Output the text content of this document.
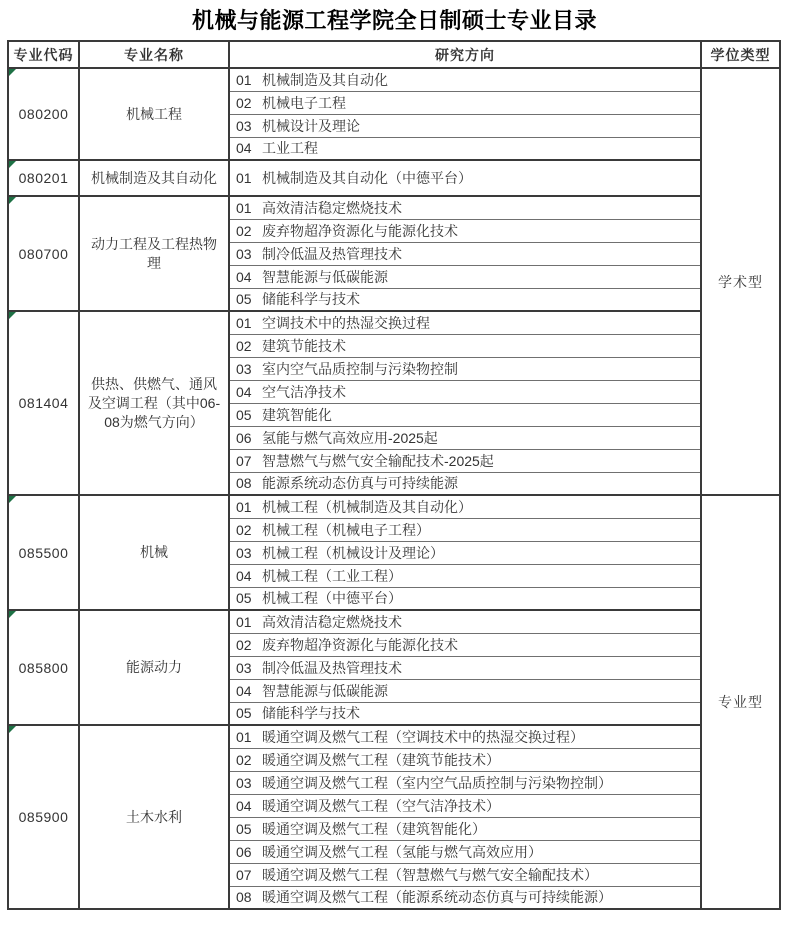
机械与能源工程学院全日制硕士专业目录
专业代码	专业名称	研究方向	学位类型

080200	机械工程	01 机械制造及其自动化	学术型
		02 机械电子工程	
		03 机械设计及理论	
		04 工业工程	

080201	机械制造及其自动化	01 机械制造及其自动化（中德平台）	

080700	动力工程及工程热物理	01 高效清洁稳定燃烧技术	
		02 废弃物超净资源化与能源化技术	
		03 制冷低温及热管理技术	
		04 智慧能源与低碳能源	
		05 储能科学与技术	

081404	供热、供燃气、通风及空调工程（其中06-08为燃气方向）	01 空调技术中的热湿交换过程	
		02 建筑节能技术	
		03 室内空气品质控制与污染物控制	
		04 空气洁净技术	
		05 建筑智能化	
		06 氢能与燃气高效应用-2025起	
		07 智慧燃气与燃气安全输配技术-2025起	
		08 能源系统动态仿真与可持续能源	

085500	机械	01 机械工程（机械制造及其自动化）	专业型
		02 机械工程（机械电子工程）	
		03 机械工程（机械设计及理论）	
		04 机械工程（工业工程）	
		05 机械工程（中德平台）	

085800	能源动力	01 高效清洁稳定燃烧技术	
		02 废弃物超净资源化与能源化技术	
		03 制冷低温及热管理技术	
		04 智慧能源与低碳能源	
		05 储能科学与技术	

085900	土木水利	01 暖通空调及燃气工程（空调技术中的热湿交换过程）	
		02 暖通空调及燃气工程（建筑节能技术）	
		03 暖通空调及燃气工程（室内空气品质控制与污染物控制）	
		04 暖通空调及燃气工程（空气洁净技术）	
		05 暖通空调及燃气工程（建筑智能化）	
		06 暖通空调及燃气工程（氢能与燃气高效应用）	
		07 暖通空调及燃气工程（智慧燃气与燃气安全输配技术）	
		08 暖通空调及燃气工程（能源系统动态仿真与可持续能源）	
